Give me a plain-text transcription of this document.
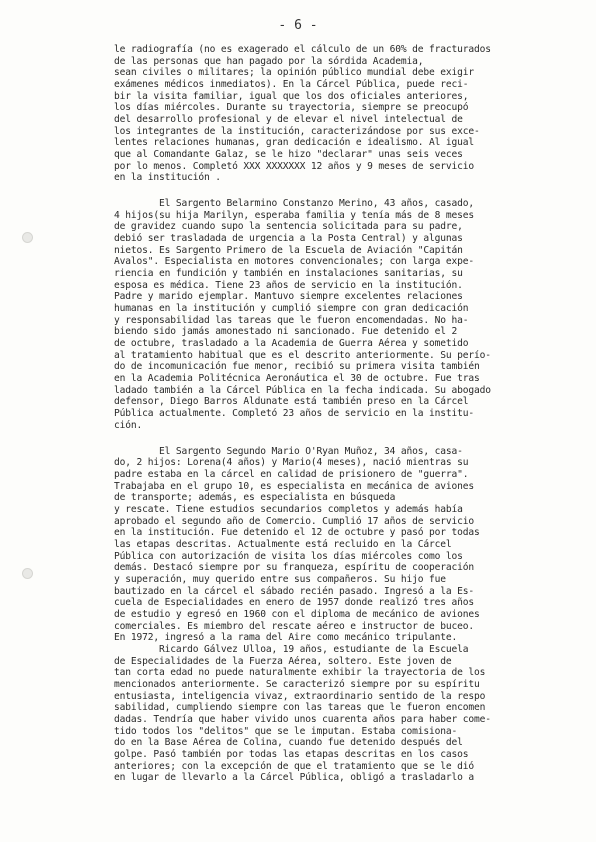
- 6 -
le radiografía (no es exagerado el cálculo de un 60% de fracturados
de las personas que han pagado por la sórdida Academia,
sean civiles o militares; la opinión público mundial debe exigir
exámenes médicos inmediatos). En la Cárcel Pública, puede reci-
bir la visita familiar, igual que los dos oficiales anteriores,
los días miércoles. Durante su trayectoria, siempre se preocupó
del desarrollo profesional y de elevar el nivel intelectual de
los integrantes de la institución, caracterizándose por sus exce-
lentes relaciones humanas, gran dedicación e idealismo. Al igual
que al Comandante Galaz, se le hizo "declarar" unas seis veces
por lo menos. Completó XXX XXXXXXX 12 años y 9 meses de servicio
en la institución .
El Sargento Belarmino Constanzo Merino, 43 años, casado,
4 hijos(su hija Marilyn, esperaba familia y tenía más de 8 meses
de gravidez cuando supo la sentencia solicitada para su padre,
debió ser trasladada de urgencia a la Posta Central) y algunas
nietos. Es Sargento Primero de la Escuela de Aviación "Capitán
Avalos". Especialista en motores convencionales; con larga expe-
riencia en fundición y también en instalaciones sanitarias, su
esposa es médica. Tiene 23 años de servicio en la institución.
Padre y marido ejemplar. Mantuvo siempre excelentes relaciones
humanas en la institución y cumplió siempre con gran dedicación
y responsabilidad las tareas que le fueron encomendadas. No ha-
biendo sido jamás amonestado ni sancionado. Fue detenido el 2
de octubre, trasladado a la Academia de Guerra Aérea y sometido
al tratamiento habitual que es el descrito anteriormente. Su perío-
do de incomunicación fue menor, recibió su primera visita también
en la Academia Politécnica Aeronáutica el 30 de octubre. Fue tras
ladado también a la Cárcel Pública en la fecha indicada. Su abogado
defensor, Diego Barros Aldunate está también preso en la Cárcel
Pública actualmente. Completó 23 años de servicio en la institu-
ción.
El Sargento Segundo Mario O'Ryan Muñoz, 34 años, casa-
do, 2 hijos: Lorena(4 años) y Mario(4 meses), nació mientras su
padre estaba en la cárcel en calidad de prisionero de "guerra".
Trabajaba en el grupo 10, es especialista en mecánica de aviones
de transporte; además, es especialista en búsqueda
y rescate. Tiene estudios secundarios completos y además había
aprobado el segundo año de Comercio. Cumplió 17 años de servicio
en la institución. Fue detenido el 12 de octubre y pasó por todas
las etapas descritas. Actualmente está recluido en la Cárcel
Pública con autorización de visita los días miércoles como los
demás. Destacó siempre por su franqueza, espíritu de cooperación
y superación, muy querido entre sus compañeros. Su hijo fue
bautizado en la cárcel el sábado recién pasado. Ingresó a la Es-
cuela de Especialidades en enero de 1957 donde realizó tres años
de estudio y egresó en 1960 con el diploma de mecánico de aviones
comerciales. Es miembro del rescate aéreo e instructor de buceo.
En 1972, ingresó a la rama del Aire como mecánico tripulante.
Ricardo Gálvez Ulloa, 19 años, estudiante de la Escuela
de Especialidades de la Fuerza Aérea, soltero. Este joven de
tan corta edad no puede naturalmente exhibir la trayectoria de los
mencionados anteriormente. Se caracterizó siempre por su espíritu
entusiasta, inteligencia vivaz, extraordinario sentido de la respo
sabilidad, cumpliendo siempre con las tareas que le fueron encomen
dadas. Tendría que haber vivido unos cuarenta años para haber come-
tido todos los "delitos" que se le imputan. Estaba comisiona-
do en la Base Aérea de Colina, cuando fue detenido después del
golpe. Pasó también por todas las etapas descritas en los casos
anteriores; con la excepción de que el tratamiento que se le dió
en lugar de llevarlo a la Cárcel Pública, obligó a trasladarlo a
